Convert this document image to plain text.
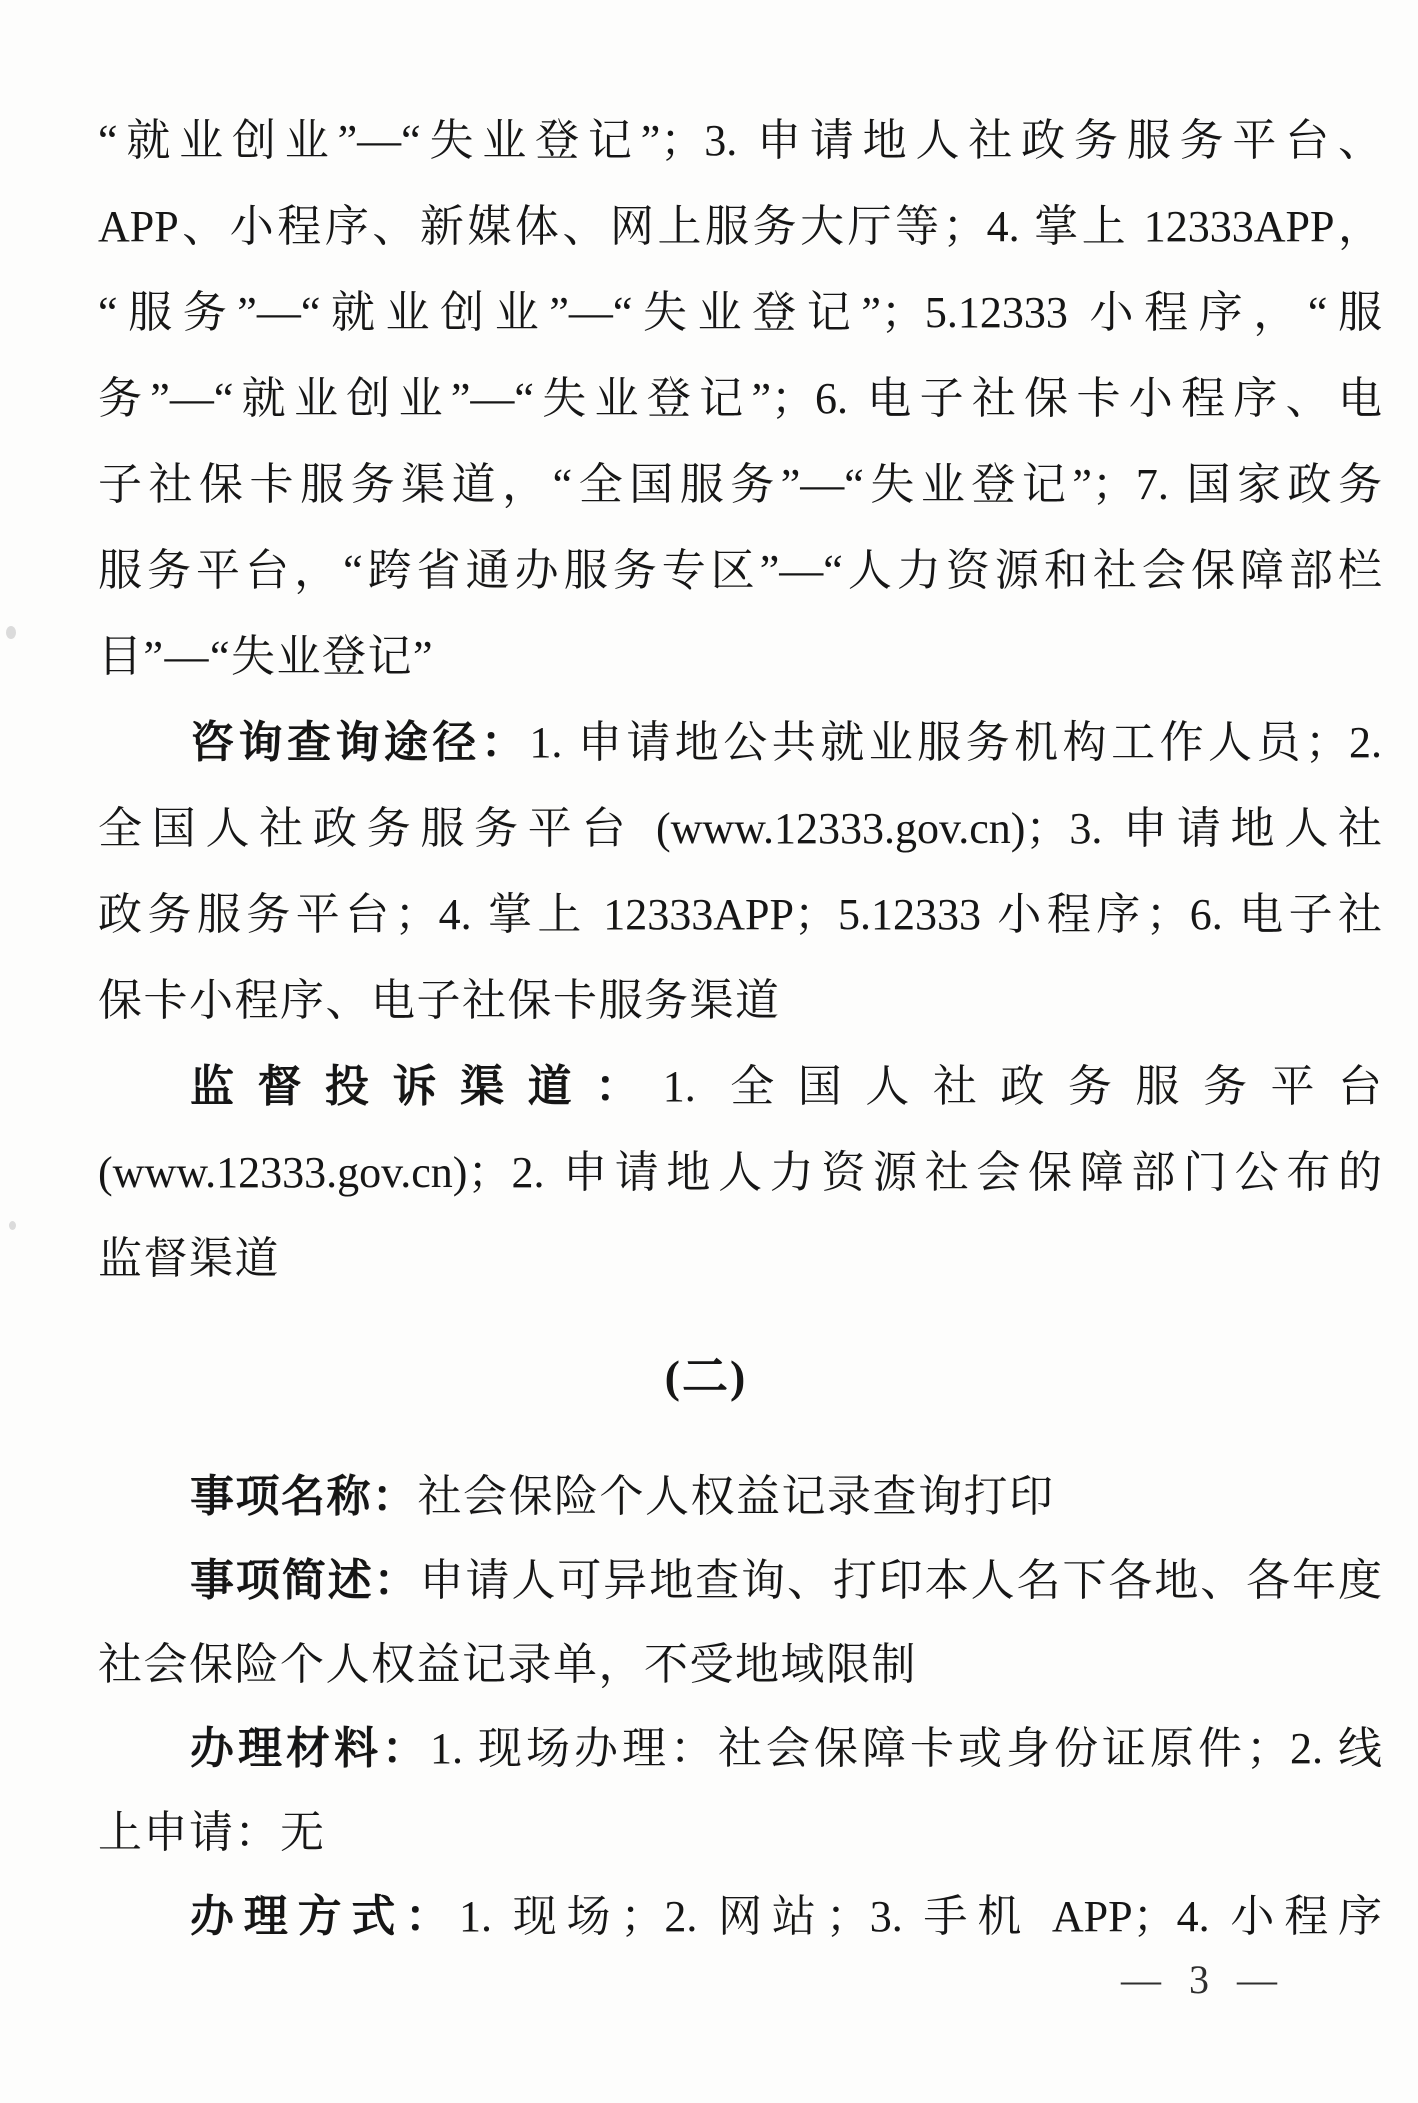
“就业创业”—“失业登记”；3. 申请地人社政务服务平台、
APP、小程序、新媒体、网上服务大厅等；4. 掌上 12333APP，
“服务”—“就业创业”—“失业登记”；5.12333 小程序，“服
务”—“就业创业”—“失业登记”；6. 电子社保卡小程序、电
子社保卡服务渠道，“全国服务”—“失业登记”；7. 国家政务
服务平台，“跨省通办服务专区”—“人力资源和社会保障部栏
目”—“失业登记”
咨询查询途径：1. 申请地公共就业服务机构工作人员；2.
全国人社政务服务平台 (www.12333.gov.cn)；3. 申请地人社
政务服务平台；4. 掌上 12333APP；5.12333 小程序；6. 电子社
保卡小程序、电子社保卡服务渠道
监督投诉渠道：1. 全国人社政务服务平台
(www.12333.gov.cn)；2. 申请地人力资源社会保障部门公布的
监督渠道
(二)
事项名称：社会保险个人权益记录查询打印
事项简述：申请人可异地查询、打印本人名下各地、各年度
社会保险个人权益记录单，不受地域限制
办理材料：1. 现场办理：社会保障卡或身份证原件；2. 线
上申请：无
办理方式：1. 现场；2. 网站；3. 手机 APP；4. 小程序
— 3 —
